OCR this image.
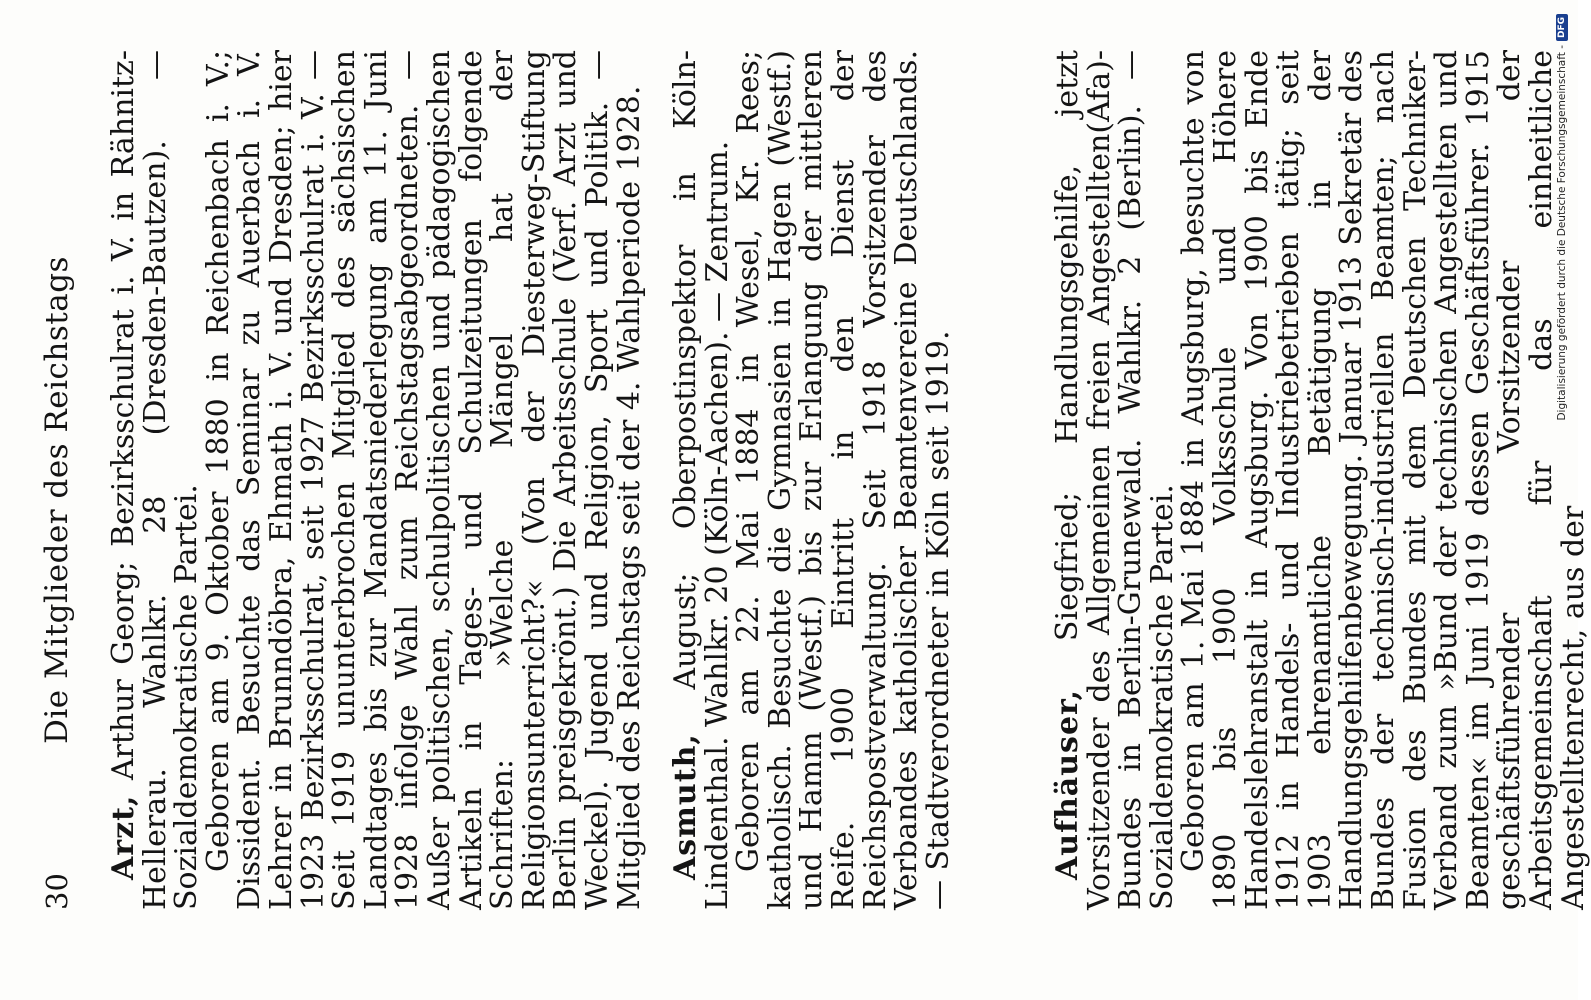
30
Die Mitglieder des Reichstags

Arzt, Arthur Georg; Bezirksschulrat i. V. in Rähnitz-Hellerau. Wahlkr. 28 (Dresden-Bautzen). — Sozialdemokratische Partei.

Geboren am 9. Oktober 1880 in Reichenbach i. V.; Dissident. Besuchte das Seminar zu Auerbach i. V. Lehrer in Brunndöbra, Ehmath i. V. und Dresden; hier 1923 Bezirksschulrat, seit 1927 Bezirksschulrat i. V. — Seit 1919 ununterbrochen Mitglied des sächsischen Landtages bis zur Mandatsniederlegung am 11. Juni 1928 infolge Wahl zum Reichstagsabgeordneten. — Außer politischen, schulpolitischen und pädagogischen Artikeln in Tages- und Schulzeitungen folgende Schriften: »Welche Mängel hat der Religionsunterricht?« (Von der Diesterweg-Stiftung Berlin preisgekrönt.) Die Arbeitsschule (Verf. Arzt und Weckel). Jugend und Religion, Sport und Politik. — Mitglied des Reichstags seit der 4. Wahlperiode 1928. Asmuth, August; Oberpostinspektor in Köln-Lindenthal. Wahlkr. 20 (Köln-Aachen). — Zentrum.

Geboren am 22. Mai 1884 in Wesel, Kr. Rees; katholisch. Besuchte die Gymnasien in Hagen (Westf.) und Hamm (Westf.) bis zur Erlangung der mittleren Reife. 1900 Eintritt in den Dienst der Reichspostverwaltung. Seit 1918 Vorsitzender des Verbandes katholischer Beamtenvereine Deutschlands. — Stadtverordneter in Köln seit 1919.	Aufhäuser, Siegfried; Handlungsgehilfe, jetzt Vorsitzender des Allgemeinen freien Angestellten(Afa)-Bundes in Berlin-Grunewald. Wahlkr. 2 (Berlin). — Sozialdemokratische Partei.

Geboren am 1. Mai 1884 in Augsburg, besuchte von 1890 bis 1900 Volksschule und Höhere Handelslehranstalt in Augsburg. Von 1900 bis Ende 1912 in Handels- und Industriebetrieben tätig; seit 1903 ehrenamtliche Betätigung in der Handlungsgehilfenbewegung. Januar 1913 Sekretär des Bundes der technisch-industriellen Beamten; nach Fusion des Bundes mit dem Deutschen Techniker-Verband zum »Bund der technischen Angestellten und Beamten« im Juni 1919 dessen Geschäftsführer. 1915 geschäftsführender Vorsitzender der Arbeitsgemeinschaft für das einheitliche Angestelltenrecht, aus der

Digitalisierung gefördert durch die Deutsche Forschungsgemeinschaft -
DFG
